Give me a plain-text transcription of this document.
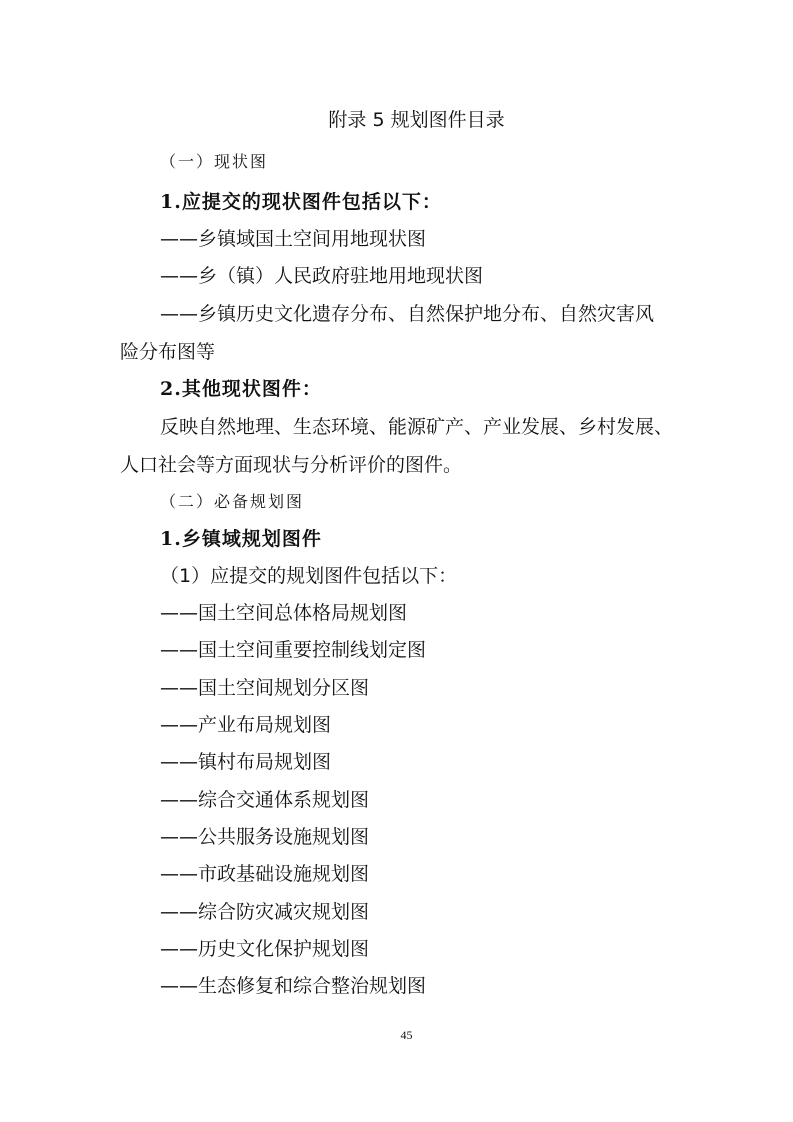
附录 5 规划图件目录
（一）现状图
1.应提交的现状图件包括以下：
——乡镇域国土空间用地现状图
——乡（镇）人民政府驻地用地现状图
——乡镇历史文化遗存分布、自然保护地分布、自然灾害风
险分布图等
2.其他现状图件：
反映自然地理、生态环境、能源矿产、产业发展、乡村发展、
人口社会等方面现状与分析评价的图件。
（二）必备规划图
1.乡镇域规划图件
（1）应提交的规划图件包括以下：
——国土空间总体格局规划图
——国土空间重要控制线划定图
——国土空间规划分区图
——产业布局规划图
——镇村布局规划图
——综合交通体系规划图
——公共服务设施规划图
——市政基础设施规划图
——综合防灾减灾规划图
——历史文化保护规划图
——生态修复和综合整治规划图
45
